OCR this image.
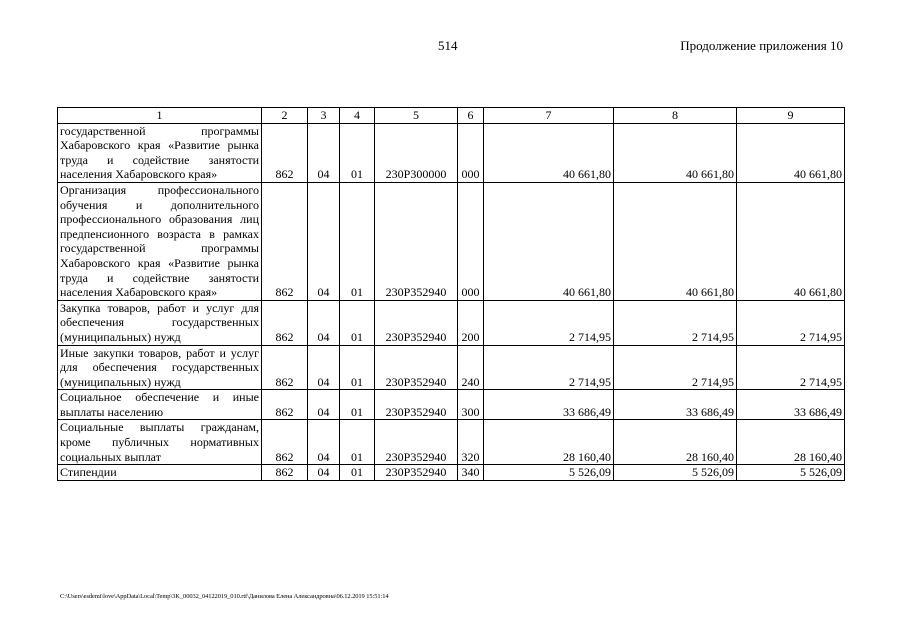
514	Продолжение приложения 10
1	2	3	4	5	6	7	8	9
государственной программы Хабаровского края «Развитие рынка труда и содействие занятости населения Хабаровского края»	862	04	01	230Р300000	000	40 661,80	40 661,80	40 661,80
Организация профессионального обучения и дополнительного профессионального образования лиц предпенсионного возраста в рамках государственной программы Хабаровского края «Развитие рынка труда и содействие занятости населения Хабаровского края»	862	04	01	230Р352940	000	40 661,80	40 661,80	40 661,80
Закупка товаров, работ и услуг для обеспечения государственных (муниципальных) нужд	862	04	01	230Р352940	200	2 714,95	2 714,95	2 714,95
Иные закупки товаров, работ и услуг для обеспечения государственных (муниципальных) нужд	862	04	01	230Р352940	240	2 714,95	2 714,95	2 714,95
Социальное обеспечение и иные выплаты населению	862	04	01	230Р352940	300	33 686,49	33 686,49	33 686,49
Социальные выплаты гражданам, кроме публичных нормативных социальных выплат	862	04	01	230Р352940	320	28 160,40	28 160,40	28 160,40
Стипендии	862	04	01	230Р352940	340	5 526,09	5 526,09	5 526,09
C:\Users\esdemi\love\AppData\Local\Temp\3K_00032_04122019_010.rtf\Данилова Елена Александровна\06.12.2019 15:51:14
